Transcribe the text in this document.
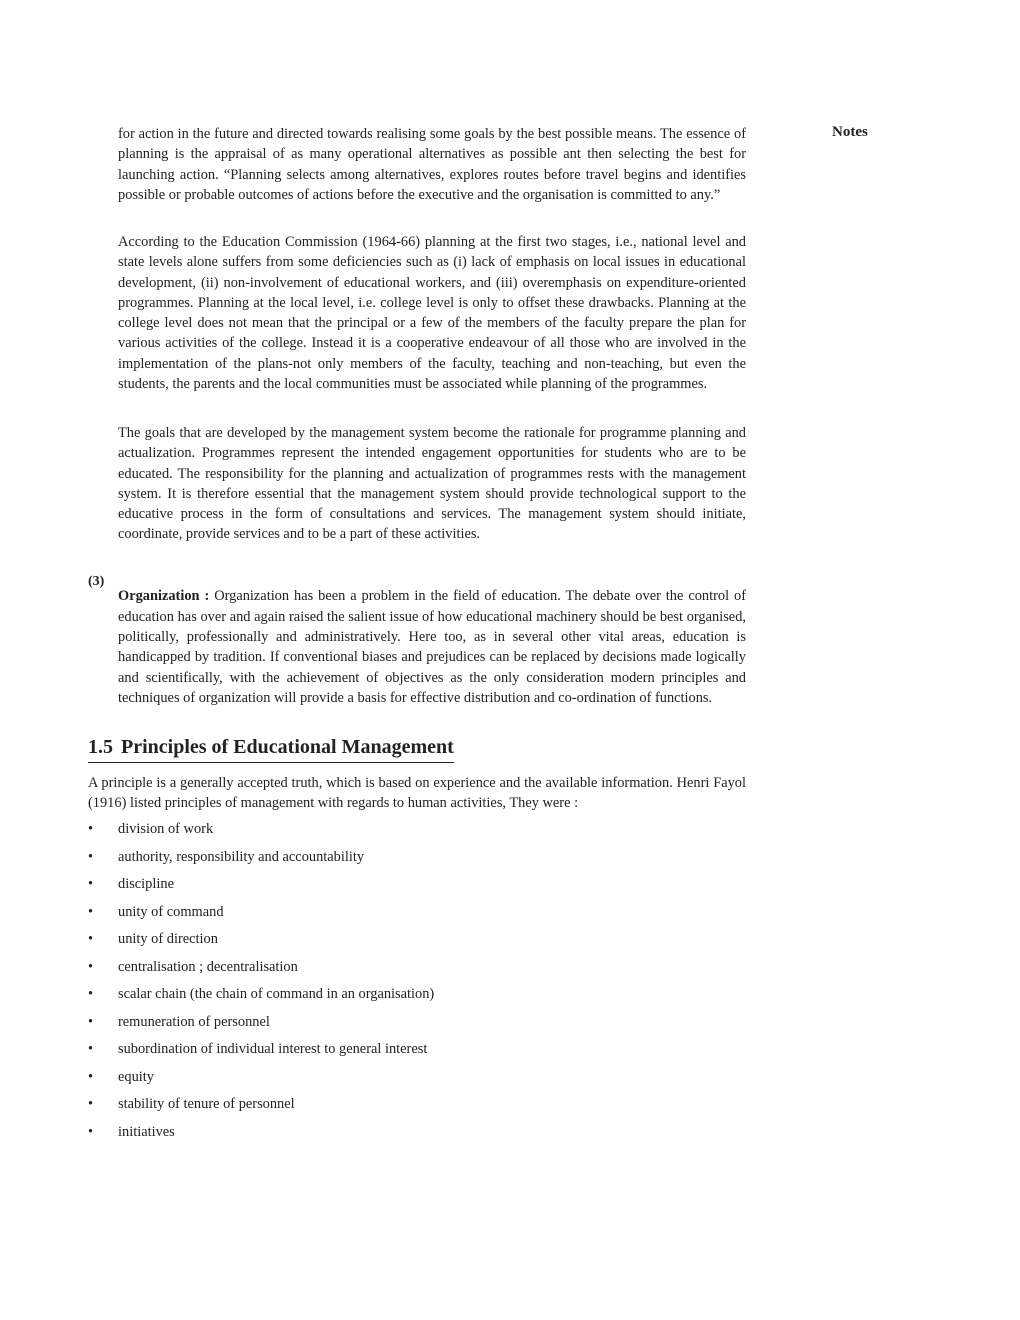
Notes

for action in the future and directed towards realising some goals by the best possible means. The essence of planning is the appraisal of as many operational alternatives as possible ant then selecting the best for launching action. “Planning selects among alternatives, explores routes before travel begins and identifies possible or probable outcomes of actions before the executive and the organisation is committed to any.”

According to the Education Commission (1964-66) planning at the first two stages, i.e., national level and state levels alone suffers from some deficiencies such as (i) lack of emphasis on local issues in educational development, (ii) non-involvement of educational workers, and (iii) overemphasis on expenditure-oriented programmes. Planning at the local level, i.e. college level is only to offset these drawbacks. Planning at the college level does not mean that the principal or a few of the members of the faculty prepare the plan for various activities of the college. Instead it is a cooperative endeavour of all those who are involved in the implementation of the plans-not only members of the faculty, teaching and non-teaching, but even the students, the parents and the local communities must be associated while planning of the programmes.

The goals that are developed by the management system become the rationale for programme planning and actualization. Programmes represent the intended engagement opportunities for students who are to be educated. The responsibility for the planning and actualization of programmes rests with the management system. It is therefore essential that the management system should provide technological support to the educative process in the form of consultations and services. The management system should initiate, coordinate, provide services and to be a part of these activities.

(3)

Organization : Organization has been a problem in the field of education. The debate over the control of education has over and again raised the salient issue of how educational machinery should be best organised, politically, professionally and administratively. Here too, as in several other vital areas, education is handicapped by tradition. If conventional biases and prejudices can be replaced by decisions made logically and scientifically, with the achievement of objectives as the only consideration modern principles and techniques of organization will provide a basis for effective distribution and co-ordination of functions.

1.5 Principles of Educational Management

A principle is a generally accepted truth, which is based on experience and the available information. Henri Fayol (1916) listed principles of management with regards to human activities, They were :

•	division of work
•	authority, responsibility and accountability
•	discipline
•	unity of command
•	unity of direction
•	centralisation ; decentralisation
•	scalar chain (the chain of command in an organisation)
•	remuneration of personnel
•	subordination of individual interest to general interest
•	equity
•	stability of tenure of personnel
•	initiatives
